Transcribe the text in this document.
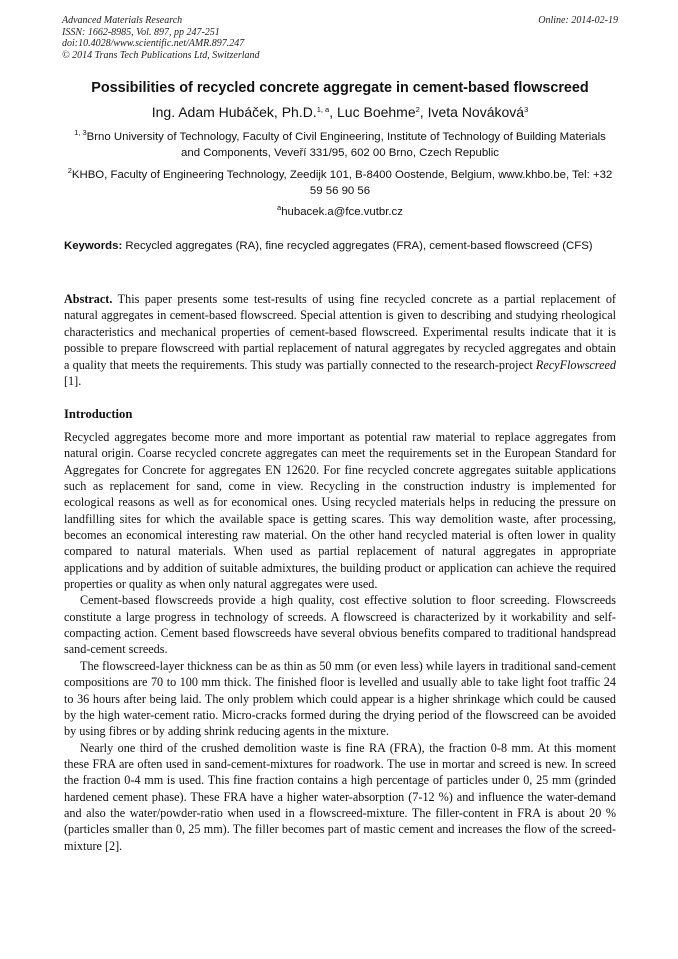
Advanced Materials Research
ISSN: 1662-8985, Vol. 897, pp 247-251
doi:10.4028/www.scientific.net/AMR.897.247
© 2014 Trans Tech Publications Ltd, Switzerland
Online: 2014-02-19
Possibilities of recycled concrete aggregate in cement-based flowscreed
Ing. Adam Hubáček, Ph.D.$^{1, a}$, Luc Boehme$^2$, Iveta Nováková$^3$
$^{1, 3}$Brno University of Technology, Faculty of Civil Engineering, Institute of Technology of Building Materials and Components, Veveří 331/95, 602 00 Brno, Czech Republic
$^2$KHBO, Faculty of Engineering Technology, Zeedijk 101, B-8400 Oostende, Belgium, www.khbo.be, Tel: +32 59 56 90 56
$^a$hubacek.a@fce.vutbr.cz
Keywords: Recycled aggregates (RA), fine recycled aggregates (FRA), cement-based flowscreed (CFS)
Abstract. This paper presents some test-results of using fine recycled concrete as a partial replacement of natural aggregates in cement-based flowscreed. Special attention is given to describing and studying rheological characteristics and mechanical properties of cement-based flowscreed. Experimental results indicate that it is possible to prepare flowscreed with partial replacement of natural aggregates by recycled aggregates and obtain a quality that meets the requirements. This study was partially connected to the research-project RecyFlowscreed [1].
Introduction

Recycled aggregates become more and more important as potential raw material to replace aggregates from natural origin. Coarse recycled concrete aggregates can meet the requirements set in the European Standard for Aggregates for Concrete for aggregates EN 12620. For fine recycled concrete aggregates suitable applications such as replacement for sand, come in view. Recycling in the construction industry is implemented for ecological reasons as well as for economical ones. Using recycled materials helps in reducing the pressure on landfilling sites for which the available space is getting scares. This way demolition waste, after processing, becomes an economical interesting raw material. On the other hand recycled material is often lower in quality compared to natural materials. When used as partial replacement of natural aggregates in appropriate applications and by addition of suitable admixtures, the building product or application can achieve the required properties or quality as when only natural aggregates were used.

Cement-based flowscreeds provide a high quality, cost effective solution to floor screeding. Flowscreeds constitute a large progress in technology of screeds. A flowscreed is characterized by it workability and self-compacting action. Cement based flowscreeds have several obvious benefits compared to traditional handspread sand-cement screeds.

The flowscreed-layer thickness can be as thin as 50 mm (or even less) while layers in traditional sand-cement compositions are 70 to 100 mm thick. The finished floor is levelled and usually able to take light foot traffic 24 to 36 hours after being laid. The only problem which could appear is a higher shrinkage which could be caused by the high water-cement ratio. Micro-cracks formed during the drying period of the flowscreed can be avoided by using fibres or by adding shrink reducing agents in the mixture.

Nearly one third of the crushed demolition waste is fine RA (FRA), the fraction 0-8 mm. At this moment these FRA are often used in sand-cement-mixtures for roadwork. The use in mortar and screed is new. In screed the fraction 0-4 mm is used. This fine fraction contains a high percentage of particles under 0, 25 mm (grinded hardened cement phase). These FRA have a higher water-absorption (7-12 %) and influence the water-demand and also the water/powder-ratio when used in a flowscreed-mixture. The filler-content in FRA is about 20 % (particles smaller than 0, 25 mm). The filler becomes part of mastic cement and increases the flow of the screed-mixture [2].
